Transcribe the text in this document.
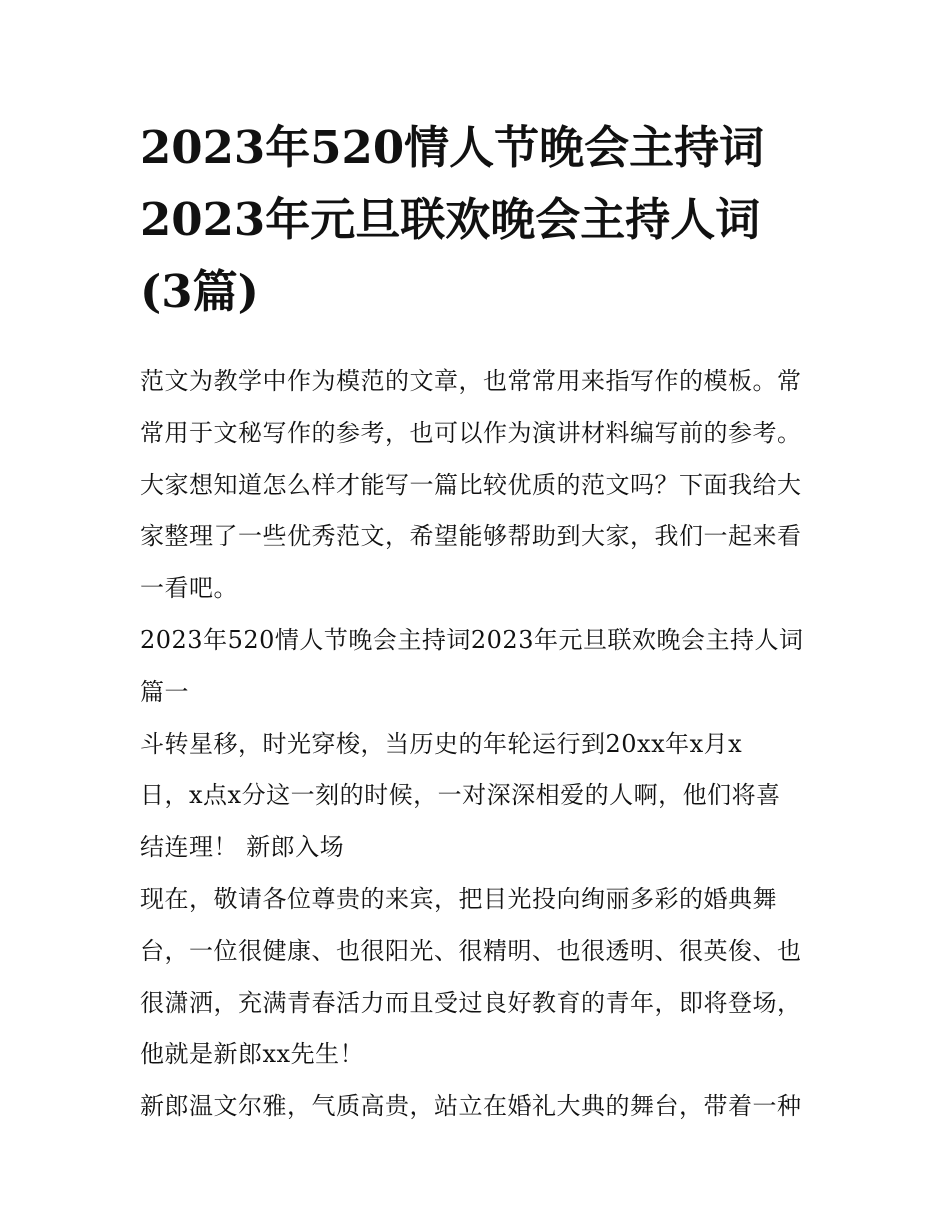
2023年520情人节晚会主持词
2023年元旦联欢晚会主持人词
(3篇)
范文为教学中作为模范的文章，也常常用来指写作的模板。常
常用于文秘写作的参考，也可以作为演讲材料编写前的参考。
大家想知道怎么样才能写一篇比较优质的范文吗？下面我给大
家整理了一些优秀范文，希望能够帮助到大家，我们一起来看
一看吧。
2023年520情人节晚会主持词2023年元旦联欢晚会主持人词
篇一
斗转星移，时光穿梭，当历史的年轮运行到20xx年x月x
日，x点x分这一刻的时候，一对深深相爱的人啊，他们将喜
结连理！ 新郎入场
现在，敬请各位尊贵的来宾，把目光投向绚丽多彩的婚典舞
台，一位很健康、也很阳光、很精明、也很透明、很英俊、也
很潇洒，充满青春活力而且受过良好教育的青年，即将登场，
他就是新郎xx先生！
新郎温文尔雅，气质高贵，站立在婚礼大典的舞台，带着一种
